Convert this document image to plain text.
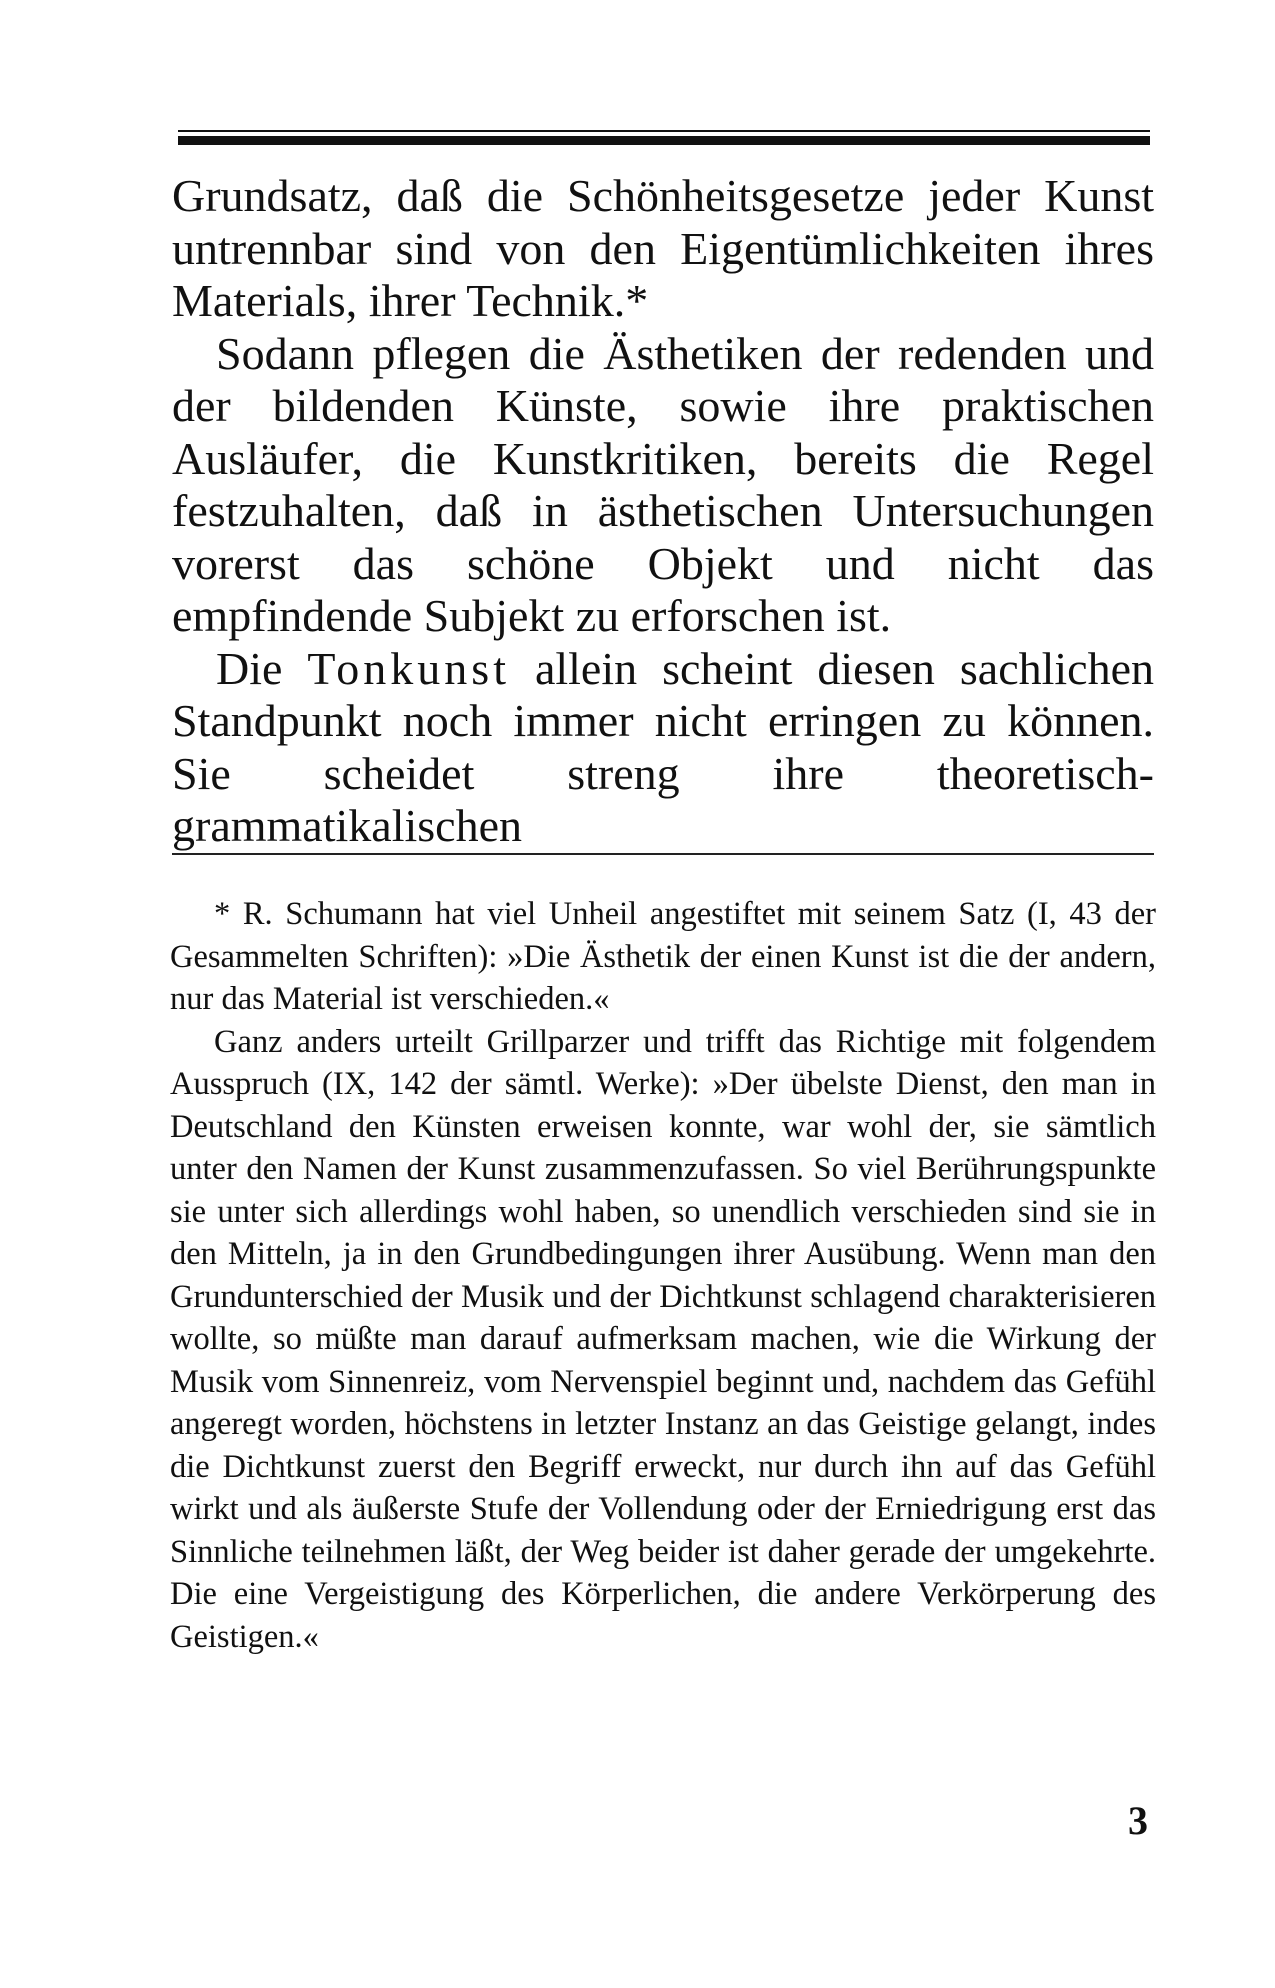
Grundsatz, daß die Schönheitsgesetze jeder Kunst untrennbar sind von den Eigentümlichkeiten ihres Materials, ihrer Technik.*

Sodann pflegen die Ästhetiken der redenden und der bildenden Künste, sowie ihre praktischen Ausläufer, die Kunstkritiken, bereits die Regel festzuhalten, daß in ästhetischen Untersuchungen vorerst das schöne Objekt und nicht das empfindende Subjekt zu erforschen ist.

Die Tonkunst allein scheint diesen sachlichen Standpunkt noch immer nicht erringen zu können. Sie scheidet streng ihre theoretisch-grammatikalischen

* R. Schumann hat viel Unheil angestiftet mit seinem Satz (I, 43 der Gesammelten Schriften): »Die Ästhetik der einen Kunst ist die der andern, nur das Material ist verschieden.«

Ganz anders urteilt Grillparzer und trifft das Richtige mit folgendem Ausspruch (IX, 142 der sämtl. Werke): »Der übelste Dienst, den man in Deutschland den Künsten erweisen konnte, war wohl der, sie sämtlich unter den Namen der Kunst zusammenzufassen. So viel Berührungspunkte sie unter sich allerdings wohl haben, so unendlich verschieden sind sie in den Mitteln, ja in den Grundbedingungen ihrer Ausübung. Wenn man den Grundunterschied der Musik und der Dichtkunst schlagend charakterisieren wollte, so müßte man darauf aufmerksam machen, wie die Wirkung der Musik vom Sinnenreiz, vom Nervenspiel beginnt und, nachdem das Gefühl angeregt worden, höchstens in letzter Instanz an das Geistige gelangt, indes die Dichtkunst zuerst den Begriff erweckt, nur durch ihn auf das Gefühl wirkt und als äußerste Stufe der Vollendung oder der Erniedrigung erst das Sinnliche teilnehmen läßt, der Weg beider ist daher gerade der umgekehrte. Die eine Vergeistigung des Körperlichen, die andere Verkörperung des Geistigen.«

3
